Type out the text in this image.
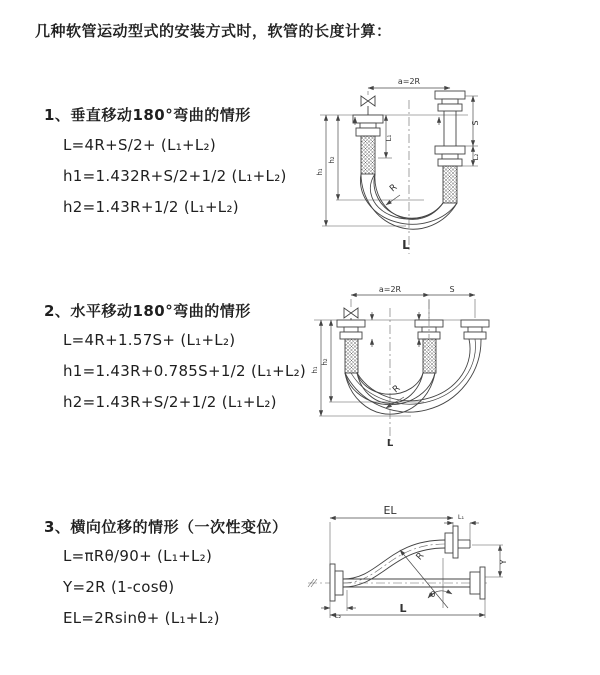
几种软管运动型式的安装方式时，软管的长度计算：
1、垂直移动180°弯曲的情形
L=4R+S/2+ (L₁+L₂)
h1=1.432R+S/2+1/2 (L₁+L₂)
h2=1.43R+1/2 (L₁+L₂)
a=2R
L₁
S
L₂
h₁
h₂
R
L
2、水平移动180°弯曲的情形
L=4R+1.57S+ (L₁+L₂)
h1=1.43R+0.785S+1/2 (L₁+L₂)
h2=1.43R+S/2+1/2 (L₁+L₂)
a=2R	S
h₁
h₂
R
L
3、横向位移的情形（一次性变位）
L=πRθ/90+ (L₁+L₂)
Y=2R (1-cosθ)
EL=2Rsinθ+ (L₁+L₂)
EL	L₁
Y
R
θ
L₂
L
